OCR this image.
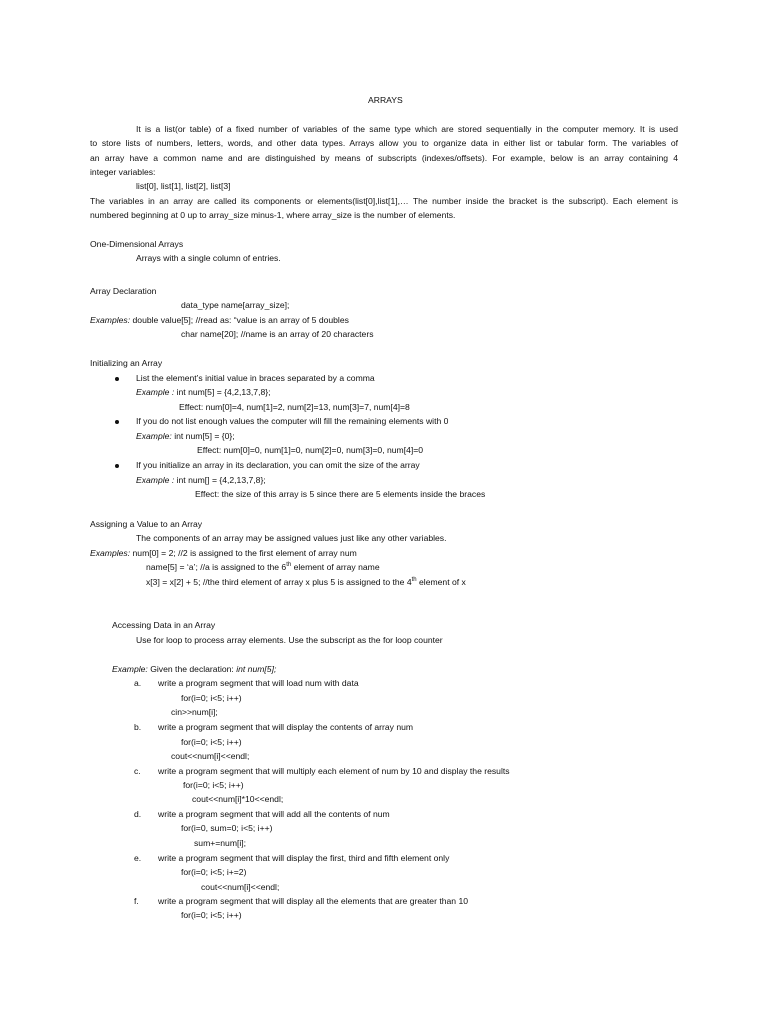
ARRAYS
It is a list(or table) of a fixed number of variables of the same type which are stored sequentially in the computer memory. It is used
to store lists of numbers, letters, words, and other data types. Arrays allow you to organize data in either list or tabular form. The variables of
an array have a common name and are distinguished by means of subscripts (indexes/offsets). For example, below is an array containing 4
integer variables:
list[0], list[1], list[2], list[3]
The variables in an array are called its components or elements(list[0],list[1],… The number inside the bracket is the subscript). Each element is
numbered beginning at 0 up to array_size minus-1, where array_size is the number of elements.
One-Dimensional Arrays
Arrays with a single column of entries.
Array Declaration
data_type name[array_size];
Examples: double value[5]; //read as: “value is an array of 5 doubles
char name[20]; //name is an array of 20 characters
Initializing an Array
List the element’s initial value in braces separated by a comma
Example : int num[5] = {4,2,13,7,8};
Effect: num[0]=4, num[1]=2, num[2]=13, num[3]=7, num[4]=8
If you do not list enough values the computer will fill the remaining elements with 0
Example: int num[5] = {0};
Effect: num[0]=0, num[1]=0, num[2]=0, num[3]=0, num[4]=0
If you initialize an array in its declaration, you can omit the size of the array
Example : int num[] = {4,2,13,7,8};
Effect: the size of this array is 5 since there are 5 elements inside the braces
Assigning a Value to an Array
The components of an array may be assigned values just like any other variables.
Examples: num[0] = 2; //2 is assigned to the first element of array num
name[5] = ‘a’; //a is assigned to the 6th element of array name
x[3] = x[2] + 5; //the third element of array x plus 5 is assigned to the 4th element of x
Accessing Data in an Array
Use for loop to process array elements. Use the subscript as the for loop counter
Example: Given the declaration: int num[5];
a. write a program segment that will load num with data
for(i=0; i<5; i++)
cin>>num[i];
b. write a program segment that will display the contents of array num
for(i=0; i<5; i++)
cout<<num[i]<<endl;
c. write a program segment that will multiply each element of num by 10 and display the results
for(i=0; i<5; i++)
cout<<num[i]*10<<endl;
d. write a program segment that will add all the contents of num
for(i=0, sum=0; i<5; i++)
sum+=num[i];
e. write a program segment that will display the first, third and fifth element only
for(i=0; i<5; i+=2)
cout<<num[i]<<endl;
f. write a program segment that will display all the elements that are greater than 10
for(i=0; i<5; i++)
